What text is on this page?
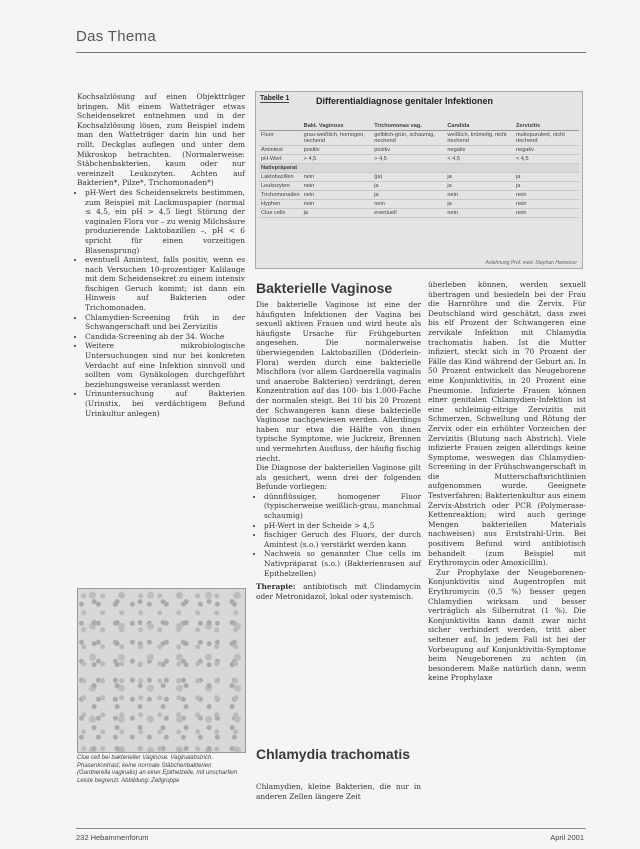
Das Thema

Kochsalzlösung auf einen Objektträger bringen. Mit einem Watteträger etwas Scheidensekret entnehmen und in der Kochsalzlösung lösen, zum Beispiel indem man den Watteträger darin hin und her rollt. Deckglas auflegen und unter dem Mikroskop betrachten. (Normalerweise: Stäbchenbakterien, kaum oder nur vereinzelt Leukozyten. Achten auf Bakterien*, Pilze*, Trichomonaden*)

• pH-Wert des Scheidensekrets bestimmen, zum Beispiel mit Lackmuspapier (normal ≤ 4,5, ein pH > 4,5 liegt Störung der vaginalen Flora vor – zu wenig Milchsäure produzierende Laktobazillen –, pH < 6 spricht für einen vorzeitigen Blasensprung)
• eventuell Amintest, falls positiv, wenn es nach Versuchen 10-prozentiger Kalilauge mit dem Scheidensekret zu einem intensiv fischigen Geruch kommt; ist dann ein Hinweis auf Bakterien oder Trichomonaden.
• Chlamydien-Screening früh in der Schwangerschaft und bei Zervizitis
• Candida-Screening ab der 34. Woche
• Weitere mikrobiologische Untersuchungen sind nur bei konkreten Verdacht auf eine Infektion sinnvoll und sollten vom Gynäkologen durchgeführt beziehungsweise veranlasst werden
• Urinuntersuchung auf Bakterien (Urinstix, bei verdächtigem Befund Urinkultur anlegen)
Clue cell bei bakterieller Vaginose. Vaginalabstrich. Phasenkontrast; keine normale Stäbchenbakterien (Gardnerella vaginalis) an einer Epithelzelle, mit unscharfem Leiste begrenzt. Abbildung: Zellgruppe
Tabelle 1	Differentialdiagnose genitaler Infektionen
	Bakt. Vaginose	Trichomonas vag.	Candida	Zervizitis
Fluor	grau-weißlich, homogen, riechend	gelblich-grün, schaumig, riechend	weißlich, krümelig, nicht riechend	mukopurulent, nicht riechend
Amintest	positiv	positiv	negativ	negativ
pH-Wert	> 4,5	> 4,5	< 4,5	< 4,5
Nativpräparat				
Laktobazillen	nein	(ja)	ja	ja
Leukozyten	nein	ja	ja	ja
Trichomonaden	nein	ja	nein	nein
Hyphen	nein	nein	ja	nein
Clue cells	ja	eventuell	nein	nein
Anlehnung Prof. med. Stephan Hannover
Bakterielle Vaginose

Die bakterielle Vaginose ist eine der häufigsten Infektionen der Vagina bei sexuell aktiven Frauen und wird heute als häufigste Ursache für Frühgeburten angesehen. Die normalerweise überwiegenden Laktobazillen (Döderlein-Flora) werden durch eine bakterielle Mischflora (vor allem Gardnerella vaginalis und anaerobe Bakterien) verdrängt, deren Konzentration auf das 100- bis 1.000-Fache der normalen steigt. Bei 10 bis 20 Prozent der Schwangeren kann diese bakterielle Vaginose nachgewiesen werden. Allerdings haben nur etwa die Hälfte von ihnen typische Symptome, wie Juckreiz, Brennen und vermehrten Ausfluss, der häufig fischig riecht.

Die Diagnose der bakteriellen Vaginose gilt als gesichert, wenn drei der folgenden Befunde vorliegen:

• dünnflüssiger, homogener Fluor (typischerweise weißlich-grau, manchmal schaumig)
• pH-Wert in der Scheide > 4,5
• fischiger Geruch des Fluors, der durch Amintest (s.o.) verstärkt werden kann
• Nachweis so genannter Clue cells im Nativpräparat (s.o.) (Bakterienrasen auf Epithelzellen)

Therapie: antibiotisch mit Clindamycin oder Metronidazol, lokal oder systemisch.

Chlamydia trachomatis

Chlamydien, kleine Bakterien, die nur in anderen Zellen längere Zeit

überleben können, werden sexuell übertragen und besiedeln bei der Frau die Harnröhre und die Zervix. Für Deutschland wird geschätzt, dass zwei bis elf Prozent der Schwangeren eine zervikale Infektion mit Chlamydia trachomatis haben. Ist die Mutter infiziert, steckt sich in 70 Prozent der Fälle das Kind während der Geburt an. In 50 Prozent entwickelt das Neugeborene eine Konjunktivitis, in 20 Prozent eine Pneumonie. Infizierte Frauen können einer genitalen Chlamydien-Infektion ist eine schleimig-eitrige Zervizitis mit Schmerzen, Schwellung und Rötung der Zervix oder ein erhöhter Vorzeichen der Zervizitis (Blutung nach Abstrich). Viele infizierte Frauen zeigen allerdings keine Symptome, weswegen das Chlamydien-Screening in der Frühschwangerschaft in die Mutterschaftsrichtlinien aufgenommen wurde. Geeignete Testverfahren: Bakterienkultur aus einem Zervix-Abstrich oder PCR (Polymerase-Kettenreaktion; wird auch geringe Mengen bakteriellen Materials nachweisen) aus Erststrahl-Urin. Bei positivem Befund wird antibiotisch behandelt (zum Beispiel mit Erythromycin oder Amoxicillin).

Zur Prophylaxe der Neugeborenen-Konjunktivitis sind Augentropfen mit Erythromycin (0,5 %) besser gegen Chlamydien wirksam und besser verträglich als Silbernitrat (1 %). Die Konjunktivitis kann damit zwar nicht sicher verhindert werden, tritt aber seltener auf. In jedem Fall ist bei der Vorbeugung auf Konjunktivitis-Symptome beim Neugeborenen zu achten (in besonderem Maße natürlich dann, wenn keine Prophylaxe

232 Hebammenforum	April 2001
